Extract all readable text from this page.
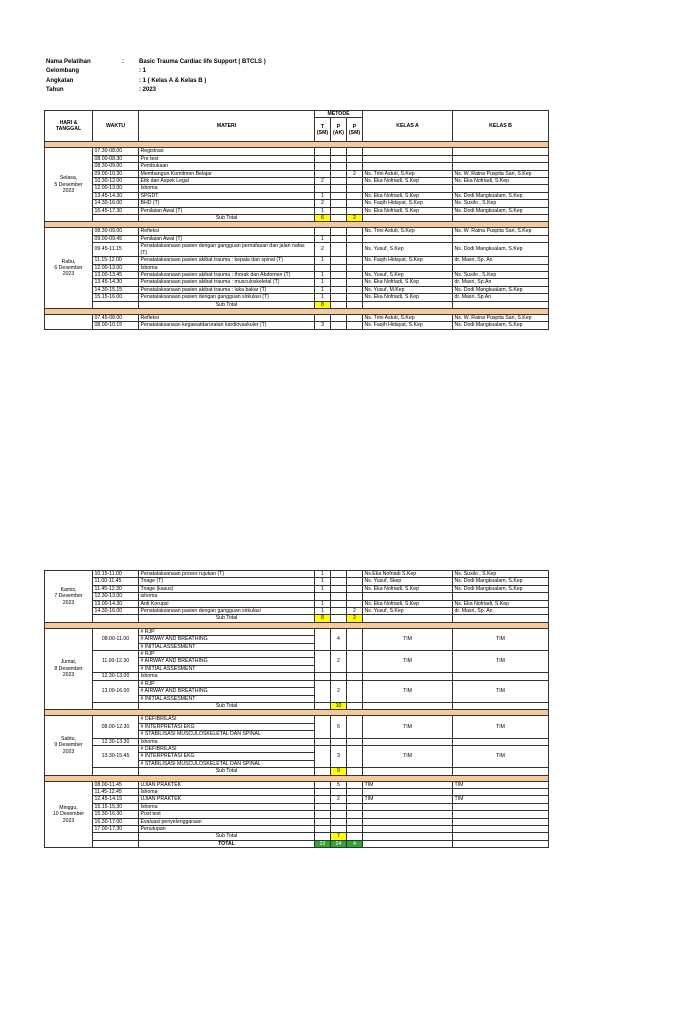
Nama Pelatihan	:	Basic Trauma Cardiac life Support ( BTCLS )
Gelombang	: 1
Angkatan	: 1 ( Kelas A & Kelas B )
Tahun	: 2023
HARI & TANGGAL	WAKTU	MATERI	METODE			KELAS A	KELAS B
			T (SM)	P (AK)	P (SM)		

Selasa,
5 Desember
2023	07.30-08.00	Registrasi					
	08.00-08.30	Pre test					
	08.30-09.00	Pembukaan					
	09.00-10.30	Membangun Komitmen Belajar			2	Ns. Trini Astuti, S.Kep	Ns. W. Ratna Puspita Sari, S.Kep
	10.30-12.00	Etik dan Aspek Legal	2			Ns. Eka Nofriadi, S.Kep	Ns. Eka Nofriadi, S.Kep
	12.00-13.00	Ishoma					
	13.45-14.30	SPGDT	1			Ns. Eka Nofriadi, S.Kep	Ns. Dodi Mangkualam, S.Kep
	14.30-16.00	BHD (T)	2			Ns. Faqih Hidayat, S.Kep	Ns. Susilo , S.Kep
	16.45-17.30	Penilaian Awal (T)	1			Ns. Eka Nofriadi, S.Kep	Ns. Dodi Mangkualam, S.Kep
		Sub Total	6		2		

Rabu,
6 Desember
2023	08.30-09.00	Refleksi				Ns. Trini Astuti, S.Kep	Ns. W. Ratna Puspita Sari, S.Kep
	09.00-09.45	Penilaian Awal (T)	1				
	09.45-11.15	Penatalaksanaan pasien dengan gangguan pernafasan dan jalan nafas (T)	2			Ns. Yusuf, S.Kep	Ns. Dodi Mangkualam, S.Kep
	11.15-12.00	Penatalaksanaan pasien akibat trauma : kepala dan spinal (T)	1			Ns. Faqih Hidayat, S.Kep	dr. Masri, Sp. An
	12.00-13.00	Ishoma					
	13.00-13.45	Penatalaksanaan pasien akibat trauma : thorak dan Abdomen (T)	1			Ns. Yusuf, S.Kep	Ns. Susilo , S.Kep
	13.45-14.30	Penatalaksanaan pasien akibat trauma : musculoskeletal (T)	1			Ns. Eka Nofriadi, S.Kep	dr. Masri, Sp.An
	14.30-15.15	Penatalaksanaan pasien akibat trauma : luka bakar (T)	1			Ns. Yusuf, M.Kep	Ns. Dodi Mangkualam, S.Kep
	15.15-16.00	Penatalaksanaan pasien dengan gangguan sirkulasi (T)	1			Ns. Eka Nofriadi, S.Kep	dr. Masri, Sp An
		Sub Total	8				

	07.45-08.00	Refleksi				Ns. Trini Astuti, S.Kep	Ns. W. Ratna Puspita Sari, S.Kep
	08.00-10.15	Penatalaksanaan kegawatdaruratan kardiovaskuler (T)	3			Ns. Faqih Hidayat, S.Kep	Ns. Dodi Mangkualam, S.Kep
Kamis,
7 Desember
2023	10.15-11.00	Penatalaksanaan proses rujukan (T)	1			Ns.Eka Nofriadi S.Kep	Ns. Susilo , S.Kep
	11.00-11.45	Triage (T)	1			Ns. Yusuf, Skep	Ns. Dodi Mangkualam, S.Kep
	11.45-12.30	Triage (kasus)	1			Ns. Eka Nofriadi, S.Kep	Ns. Dodi Mangkualam, S.Kep
	12.30-13.00	ishoma					
	13.00-14.30	Anti Korupsi	1			Ns. Eka Nofriadi, S.Kep	Ns. Eka Nofriadi, S.Kep
	14.30-16.00	Penatalaksanaan pasien dengan gangguan sirkulasi	1		2	Ns. Yusuf, S.Kep	dr. Masri, Sp. An
		Sub Total	8		2		

Jumat,
8 Desember
2023	08.00-11.00	# RJP		4		TIM	TIM
		# AIRWAY AND BREATHING					
		# INITIAL ASSESMENT					
	11.00-12.30	# RJP		2		TIM	TIM
		# AIRWAY AND BREATHING					
		# INITIAL ASSESMENT					
	12.30-13.00	Ishoma					
	13.00-16.00	# RJP		2		TIM	TIM
		# AIRWAY AND BREATHING					
		# INITIAL ASSESMENT					
		Sub Total		10			

Sabtu,
9 Desember
2023	08.00-12.30	# DEFIBRILASI		6		TIM	TIM
		# INTERPRETASI EKG					
		# STABILISASI MUSCULOSKELETAL DAN SPINAL					
	12.30-13.30	Ishoma					
	13.30-15.45	# DEFIBRILASI		3		TIM	TIM
		# INTERPRETASI EKG					
		# STABILISASI MUSCULOSKELETAL DAN SPINAL					
		Sub Total		9			

Minggu,
10 Desember
2023	08.00-11.45	UJIAN PRAKTEK		5		TIM	TIM
	11.45-12.45	Ishoma					
	12.45-14.15	UJIAN PRAKTEK		2		TIM	TIM
	15.15-15.30	Ishoma					
	15.30-16.30	Post test					
	16.30-17.00	Evaluasi penyelenggaraan					
	17.00-17.30	Penutupan					
		Sub Total		7			
		TOTAL	22	24	4		
